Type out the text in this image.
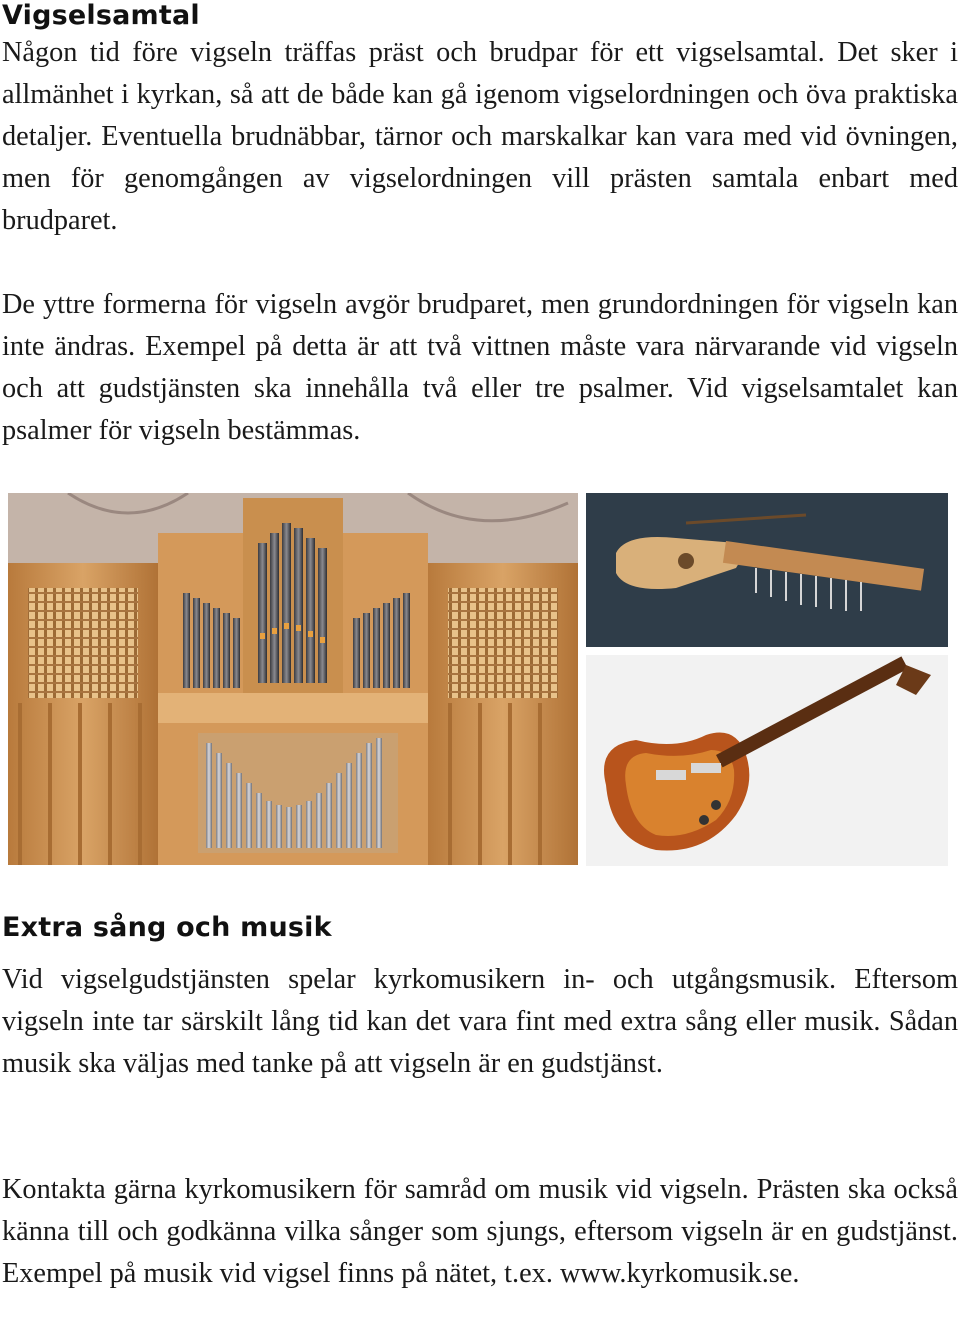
Vigselsamtal

Någon tid före vigseln träffas präst och brudpar för ett vigselsamtal. Det sker i allmänhet i kyrkan, så att de både kan gå igenom vigselordningen och öva praktiska detaljer. Eventuella brudnäbbar, tärnor och marskalkar kan vara med vid övningen, men för genomgången av vigselordningen vill prästen samtala enbart med brudparet.

De yttre formerna för vigseln avgör brudparet, men grundordningen för vigseln kan inte ändras. Exempel på detta är att två vittnen måste vara närvarande vid vigseln och att gudstjänsten ska innehålla två eller tre psalmer. Vid vigselsamtalet kan psalmer för vigseln bestämmas.

Extra sång och musik

Vid vigselgudstjänsten spelar kyrkomusikern in- och utgångsmusik. Eftersom vigseln inte tar särskilt lång tid kan det vara fint med extra sång eller musik. Sådan musik ska väljas med tanke på att vigseln är en gudstjänst.

Kontakta gärna kyrkomusikern för samråd om musik vid vigseln. Prästen ska också känna till och godkänna vilka sånger som sjungs, eftersom vigseln är en gudstjänst. Exempel på musik vid vigsel finns på nätet, t.ex. www.kyrkomusik.se.
